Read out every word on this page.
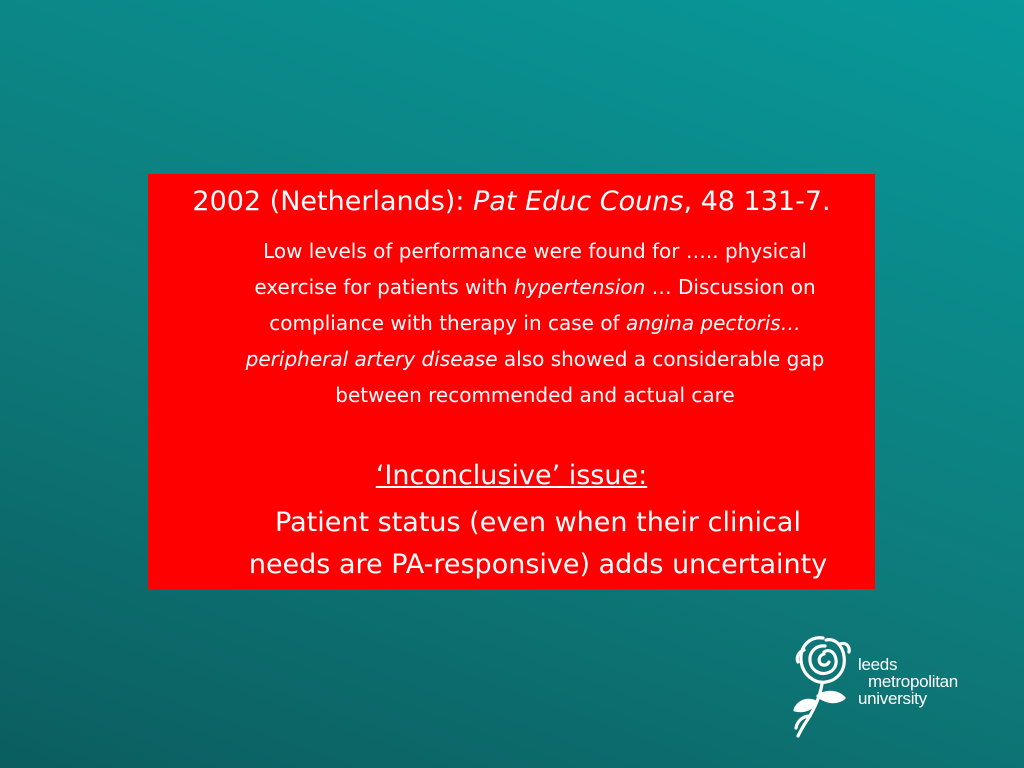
2002 (Netherlands): Pat Educ Couns, 48 131-7.
Low levels of performance were found for ….. physical
exercise for patients with hypertension … Discussion on
compliance with therapy in case of angina pectoris…
peripheral artery disease also showed a considerable gap
between recommended and actual care
‘Inconclusive’ issue:
Patient status (even when their clinical
needs are PA-responsive) adds uncertainty
leeds
metropolitan
university
